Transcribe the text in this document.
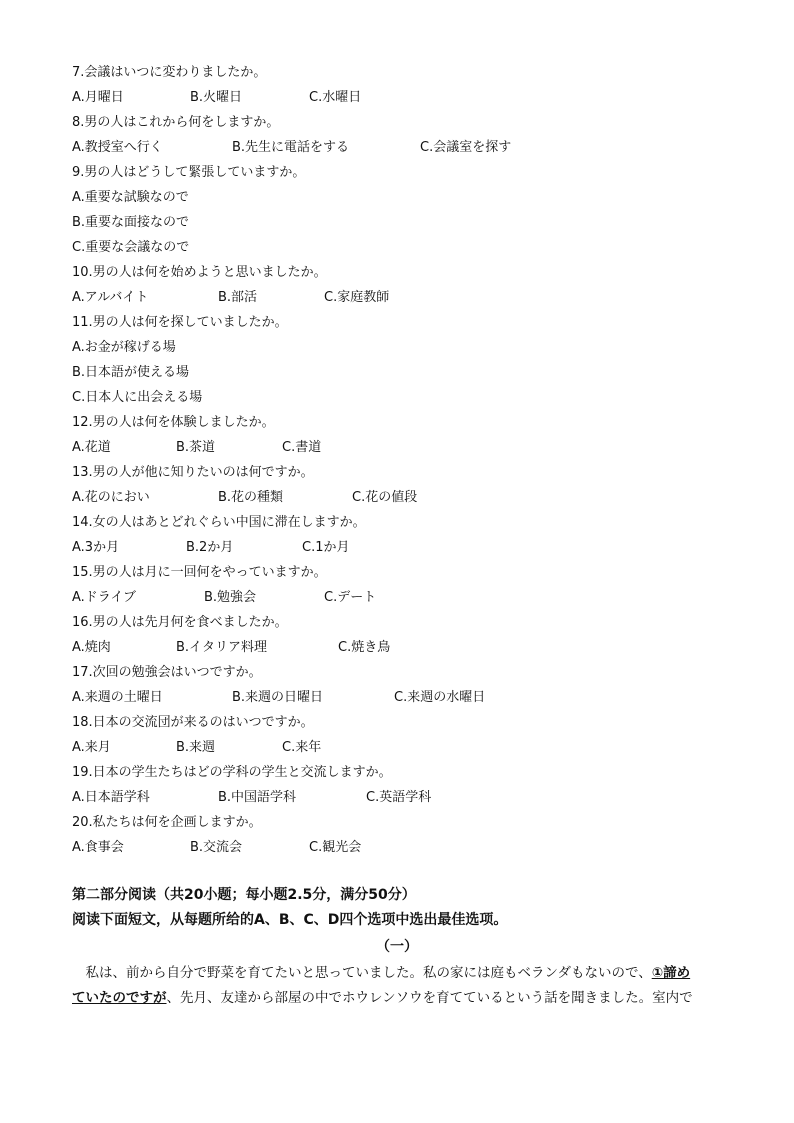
7.会議はいつに変わりましたか。
A.月曜日	B.火曜日	C.水曜日
8.男の人はこれから何をしますか。
A.教授室へ行く	B.先生に電話をする	C.会議室を探す
9.男の人はどうして緊張していますか。
A.重要な試験なので
B.重要な面接なので
C.重要な会議なので
10.男の人は何を始めようと思いましたか。
A.アルバイト	B.部活	C.家庭教師
11.男の人は何を探していましたか。
A.お金が稼げる場
B.日本語が使える場
C.日本人に出会える場
12.男の人は何を体験しましたか。
A.花道	B.茶道	C.書道
13.男の人が他に知りたいのは何ですか。
A.花のにおい	B.花の種類	C.花の値段
14.女の人はあとどれぐらい中国に滞在しますか。
A.3か月	B.2か月	C.1か月
15.男の人は月に一回何をやっていますか。
A.ドライブ	B.勉強会	C.デート
16.男の人は先月何を食べましたか。
A.焼肉	B.イタリア料理	C.焼き鳥
17.次回の勉強会はいつですか。
A.来週の土曜日	B.来週の日曜日	C.来週の水曜日
18.日本の交流団が来るのはいつですか。
A.来月	B.来週	C.来年
19.日本の学生たちはどの学科の学生と交流しますか。
A.日本語学科	B.中国語学科	C.英語学科
20.私たちは何を企画しますか。
A.食事会	B.交流会	C.観光会
第二部分阅读（共20小题；每小题2.5分，满分50分）
阅读下面短文，从每题所给的A、B、C、D四个选项中选出最佳选项。
（一）
私は、前から自分で野菜を育てたいと思っていました。私の家には庭もベランダもないので、①諦め
ていたのですが、先月、友達から部屋の中でホウレンソウを育てているという話を聞きました。室内で
